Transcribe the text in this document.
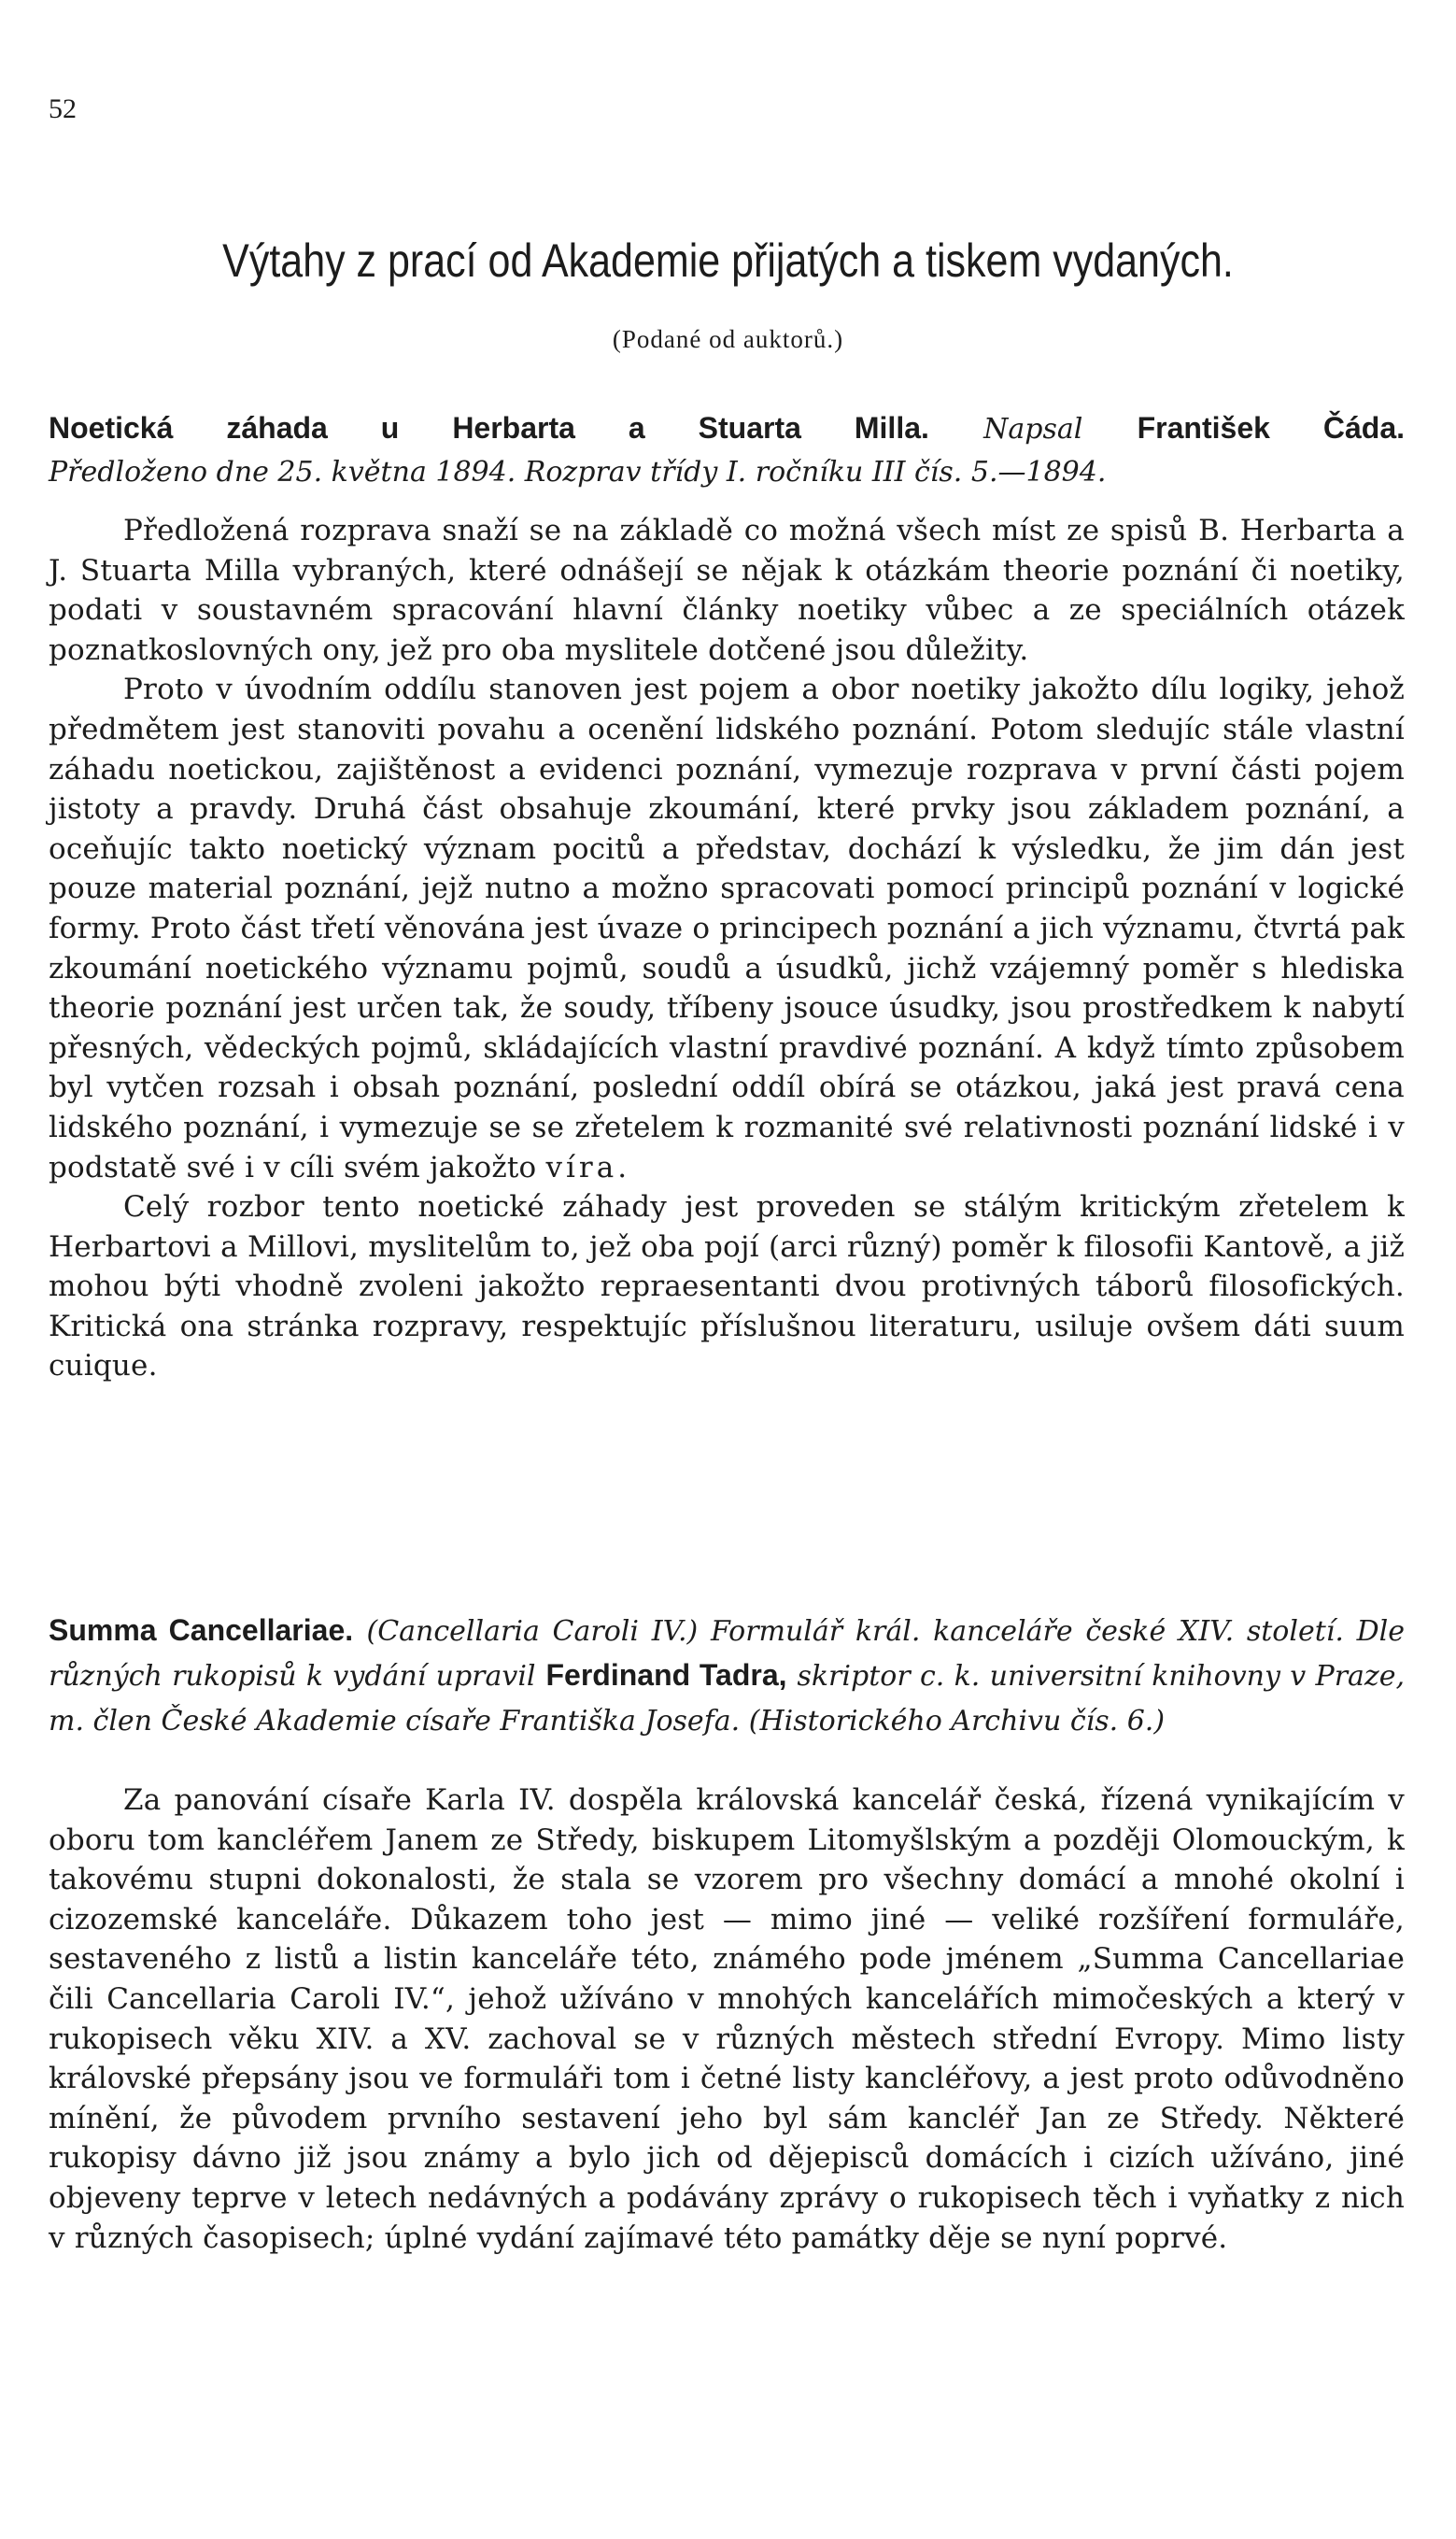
52
Výtahy z prací od Akademie přijatých a tiskem vydaných.
(Podané od auktorů.)
Noetická záhada u Herbarta a Stuarta Milla. Napsal František Čáda.
Předloženo dne 25. května 1894. Rozprav třídy I. ročníku III čís. 5.—1894.

Předložená rozprava snaží se na základě co možná všech míst ze spisů B. Herbarta a J. Stuarta Milla vybraných, které odnášejí se nějak k otázkám theorie poznání či noetiky, podati v soustavném spracování hlavní články noetiky vůbec a ze speciálních otázek poznatkoslovných ony, jež pro oba myslitele dotčené jsou důležity.

Proto v úvodním oddílu stanoven jest pojem a obor noetiky jakožto dílu logiky, jehož předmětem jest stanoviti povahu a ocenění lidského poznání. Potom sledujíc stále vlastní záhadu noetickou, zajištěnost a evidenci poznání, vymezuje rozprava v první části pojem jistoty a pravdy. Druhá část obsahuje zkoumání, které prvky jsou základem poznání, a oceňujíc takto noetický význam pocitů a představ, dochází k výsledku, že jim dán jest pouze material poznání, jejž nutno a možno spracovati pomocí principů poznání v logické formy. Proto část třetí věnována jest úvaze o principech poznání a jich významu, čtvrtá pak zkoumání noetického významu pojmů, soudů a úsudků, jichž vzájemný poměr s hlediska theorie poznání jest určen tak, že soudy, tříbeny jsouce úsudky, jsou prostředkem k nabytí přesných, vědeckých pojmů, skládajících vlastní pravdivé poznání. A když tímto způsobem byl vytčen rozsah i obsah poznání, poslední oddíl obírá se otázkou, jaká jest pravá cena lidského poznání, i vymezuje se se zřetelem k rozmanité své relativnosti poznání lidské i v podstatě své i v cíli svém jakožto víra.

Celý rozbor tento noetické záhady jest proveden se stálým kritickým zřetelem k Herbartovi a Millovi, myslitelům to, jež oba pojí (arci různý) poměr k filosofii Kantově, a již mohou býti vhodně zvoleni jakožto repraesentanti dvou protivných táborů filosofických. Kritická ona stránka rozpravy, respektujíc příslušnou literaturu, usiluje ovšem dáti suum cuique.

Summa Cancellariae. (Cancellaria Caroli IV.) Formulář král. kanceláře české XIV. století. Dle různých rukopisů k vydání upravil Ferdinand Tadra, skriptor c. k. universitní knihovny v Praze, m. člen České Akademie císaře Františka Josefa. (Historického Archivu čís. 6.)

Za panování císaře Karla IV. dospěla královská kancelář česká, řízená vynikajícím v oboru tom kancléřem Janem ze Středy, biskupem Litomyšlským a později Olomouckým, k takovému stupni dokonalosti, že stala se vzorem pro všechny domácí a mnohé okolní i cizozemské kanceláře. Důkazem toho jest — mimo jiné — veliké rozšíření formuláře, sestaveného z listů a listin kanceláře této, známého pode jménem „Summa Cancellariae čili Cancellaria Caroli IV.“, jehož užíváno v mnohých kancelářích mimočeských a který v rukopisech věku XIV. a XV. zachoval se v různých městech střední Evropy. Mimo listy královské přepsány jsou ve formuláři tom i četné listy kancléřovy, a jest proto odůvodněno mínění, že původem prvního sestavení jeho byl sám kancléř Jan ze Středy. Některé rukopisy dávno již jsou známy a bylo jich od dějepisců domácích i cizích užíváno, jiné objeveny teprve v letech nedávných a podávány zprávy o rukopisech těch i vyňatky z nich v různých časopisech; úplné vydání zajímavé této památky děje se nyní poprvé.
